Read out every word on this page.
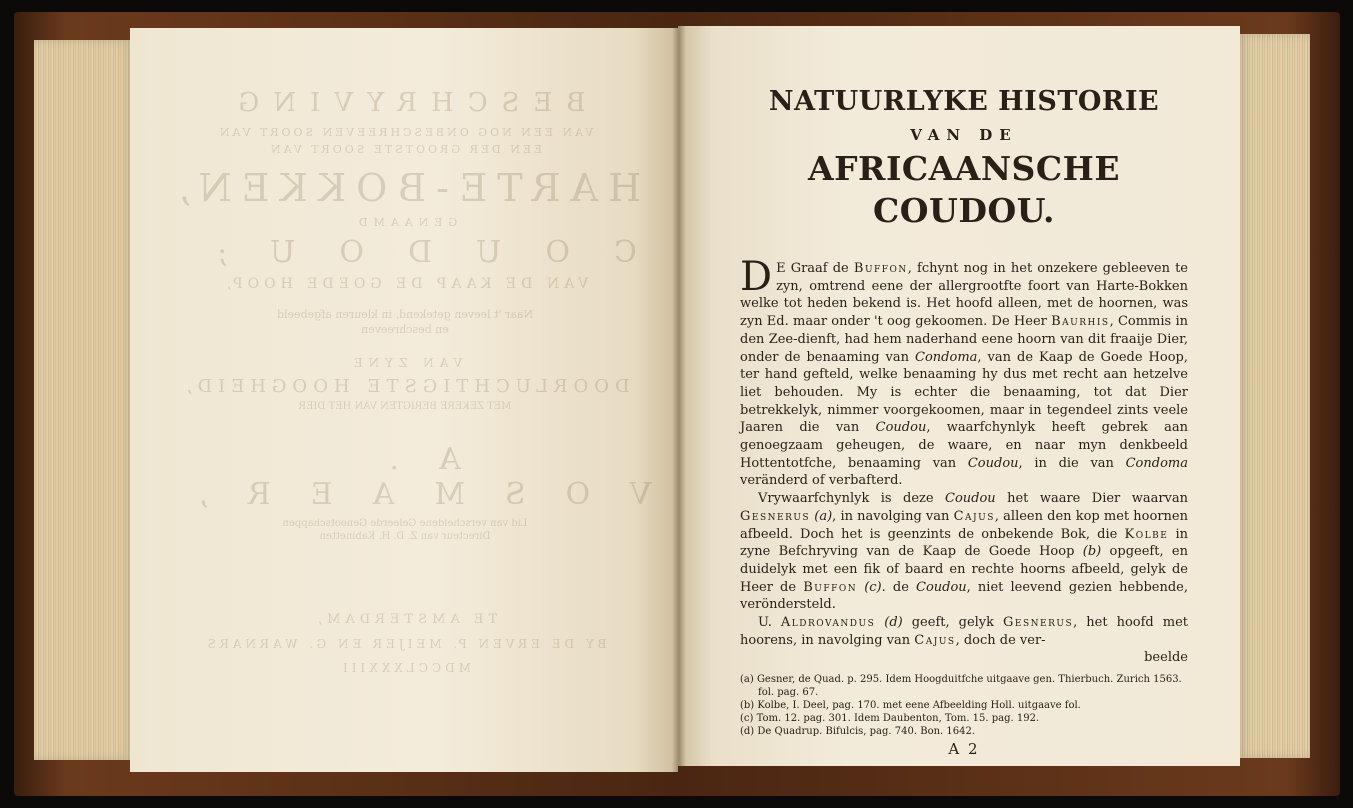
BESCHRYVING
VAN EEN NOG ONBESCHREEVEN SOORT VAN
EEN DER GROOTSTE SOORT VAN
HARTE-BOKKEN,
GENAAMD
COUDOU;
VAN DE KAAP DE GOEDE HOOP,
Naar 't leeven getekend, in kleuren afgebeeld
en beschreeven
VAN ZYNE
DOORLUCHTIGSTE HOOGHEID,
MET ZEKERE BERIGTEN VAN HET DIER
A. VOSMAER,
Lid van verscheidene Geleerde Genootschappen
Directeur van Z. D. H. Kabinetten
TE AMSTERDAM,
BY DE ERVEN P. MEIJER EN G. WARNARS
MDCCLXXXIII
NATUURLYKE HISTORIE
VAN DE
AFRICAANSCHE COUDOU.

D E Graaf de Buffon, fchynt nog in het onzekere gebleeven te zyn, omtrend eene der allergrootfte foort van Harte-Bokken welke tot heden bekend is. Het hoofd alleen, met de hoornen, was zyn Ed. maar onder 't oog gekoomen. De Heer Baurhis, Commis in den Zee-dienft, had hem naderhand eene hoorn van dit fraaije Dier, onder de benaaming van Condoma, van de Kaap de Goede Hoop, ter hand gefteld, welke benaaming hy dus met recht aan hetzelve liet behouden. My is echter die benaaming, tot dat Dier betrekkelyk, nimmer voorgekoomen, maar in tegendeel zints veele Jaaren die van Coudou, waarfchynlyk heeft gebrek aan genoegzaam geheugen, de waare, en naar myn denkbeeld Hottentotfche, benaaming van Coudou, in die van Condoma veränderd of verbafterd.

Vrywaarfchynlyk is deze Coudou het waare Dier waarvan Gesnerus (a), in navolging van Cajus, alleen den kop met hoornen afbeeld. Doch het is geenzints de onbekende Bok, die Kolbe in zyne Befchryving van de Kaap de Goede Hoop (b) opgeeft, en duidelyk met een fik of baard en rechte hoorns afbeeld, gelyk de Heer de Buffon (c). de Coudou, niet leevend gezien hebbende, veröndersteld.

U. Aldrovandus (d) geeft, gelyk Gesnerus, het hoofd met hoorens, in navolging van Cajus, doch de ver-

beelde

(a) Gesner, de Quad. p. 295. Idem Hoogduitfche uitgaave gen. Thierbuch. Zurich 1563. fol. pag. 67.

(b) Kolbe, I. Deel, pag. 170. met eene Afbeelding Holl. uitgaave fol.

(c) Tom. 12. pag. 301. Idem Daubenton, Tom. 15. pag. 192.

(d) De Quadrup. Bifulcis, pag. 740. Bon. 1642.

A 2
